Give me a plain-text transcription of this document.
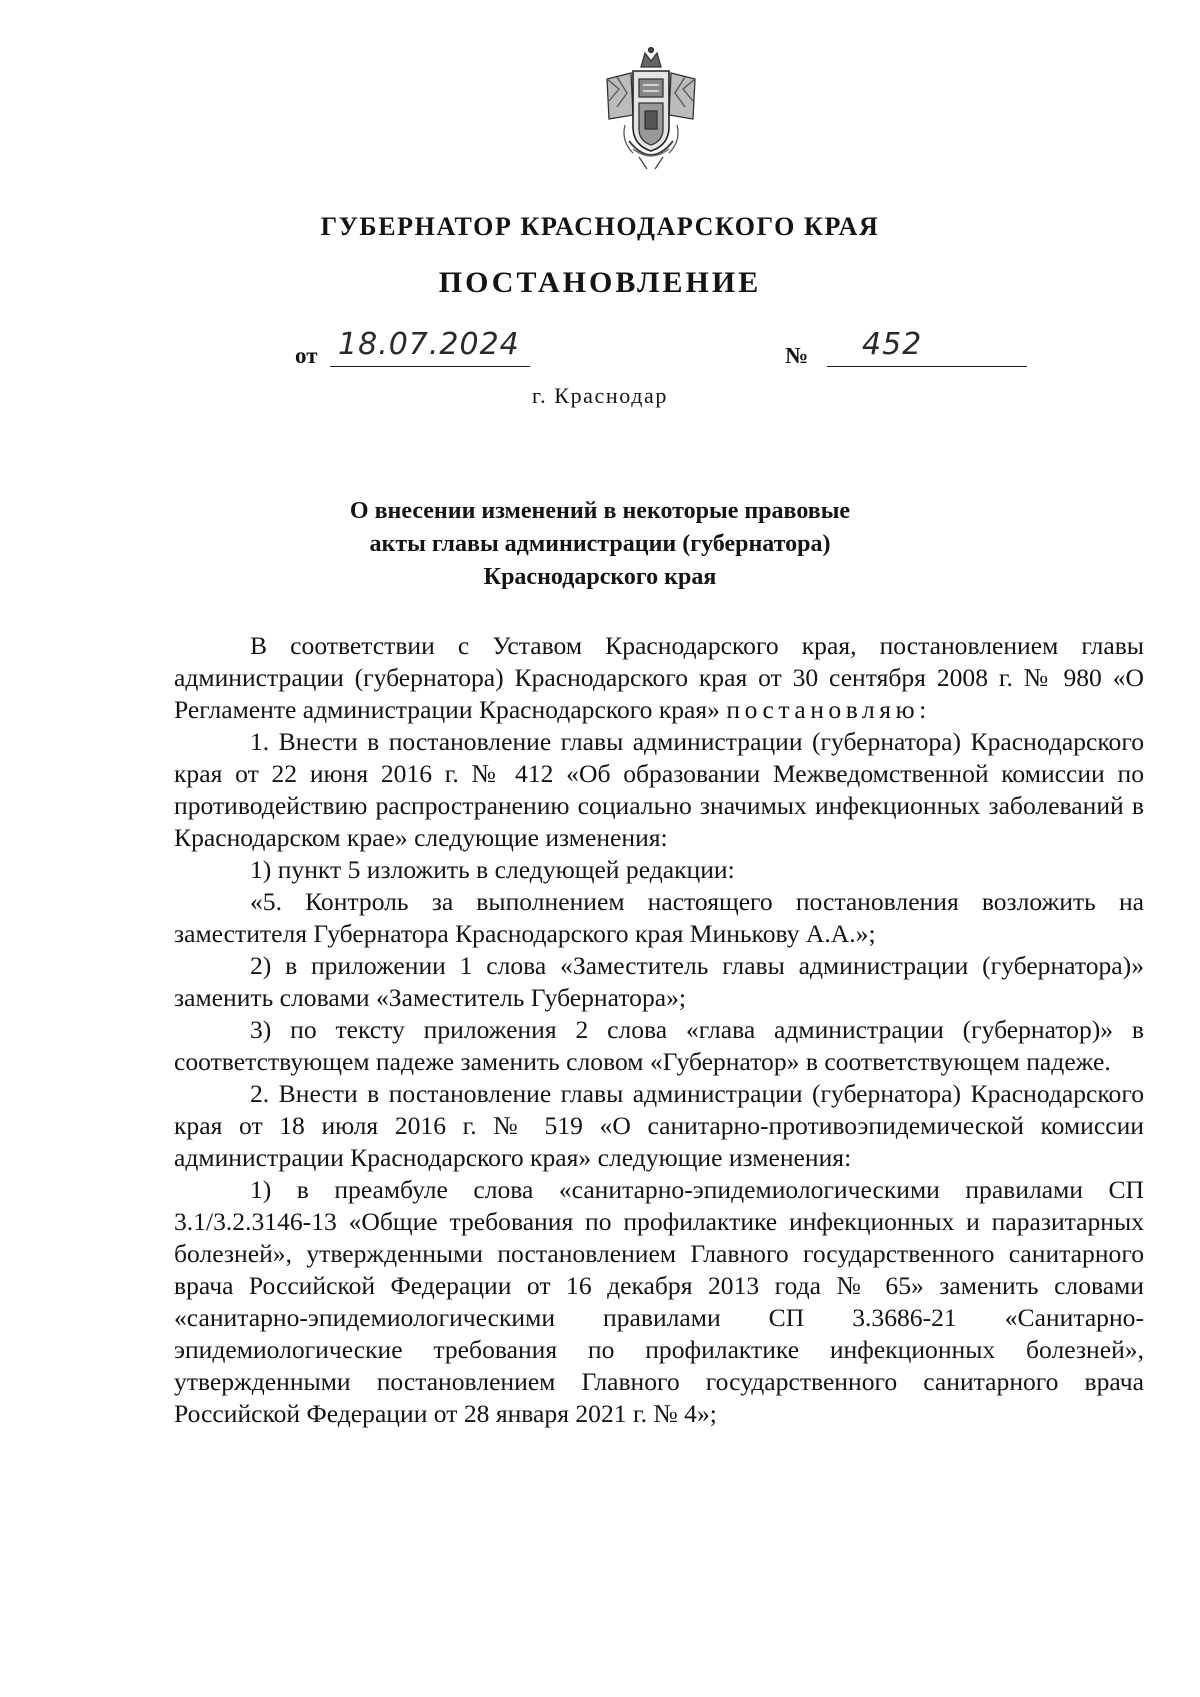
ГУБЕРНАТОР КРАСНОДАРСКОГО КРАЯ
ПОСТАНОВЛЕНИЕ
от 18.07.2024	№ 452
г. Краснодар
О внесении изменений в некоторые правовые
акты главы администрации (губернатора)
Краснодарского края

В соответствии с Уставом Краснодарского края, постановлением главы администрации (губернатора) Краснодарского края от 30 сентября 2008 г. № 980 «О Регламенте администрации Краснодарского края» постановляю:

1. Внести в постановление главы администрации (губернатора) Краснодарского края от 22 июня 2016 г. № 412 «Об образовании Межведомственной комиссии по противодействию распространению социально значимых инфекционных заболеваний в Краснодарском крае» следующие изменения:

1) пункт 5 изложить в следующей редакции:

«5. Контроль за выполнением настоящего постановления возложить на заместителя Губернатора Краснодарского края Минькову А.А.»;

2) в приложении 1 слова «Заместитель главы администрации (губернатора)» заменить словами «Заместитель Губернатора»;

3) по тексту приложения 2 слова «глава администрации (губернатор)» в соответствующем падеже заменить словом «Губернатор» в соответствующем падеже.

2. Внести в постановление главы администрации (губернатора) Краснодарского края от 18 июля 2016 г. № 519 «О санитарно-противоэпидемической комиссии администрации Краснодарского края» следующие изменения:

1) в преамбуле слова «санитарно-эпидемиологическими правилами СП 3.1/3.2.3146-13 «Общие требования по профилактике инфекционных и паразитарных болезней», утвержденными постановлением Главного государственного санитарного врача Российской Федерации от 16 декабря 2013 года № 65» заменить словами «санитарно-эпидемиологическими правилами СП 3.3686-21 «Санитарно-эпидемиологические требования по профилактике инфекционных болезней», утвержденными постановлением Главного государственного санитарного врача Российской Федерации от 28 января 2021 г. № 4»;
